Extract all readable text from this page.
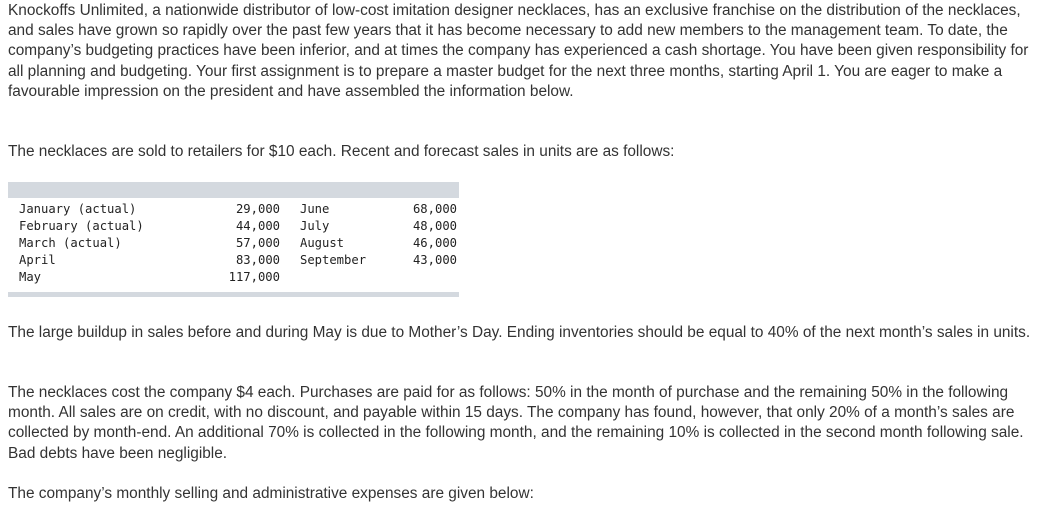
Knockoffs Unlimited, a nationwide distributor of low-cost imitation designer necklaces, has an exclusive franchise on the distribution of the necklaces, and sales have grown so rapidly over the past few years that it has become necessary to add new members to the management team. To date, the company’s budgeting practices have been inferior, and at times the company has experienced a cash shortage. You have been given responsibility for all planning and budgeting. Your first assignment is to prepare a master budget for the next three months, starting April 1. You are eager to make a favourable impression on the president and have assembled the information below.

The necklaces are sold to retailers for $10 each. Recent and forecast sales in units are as follows:

January (actual)	29,000	June	68,000
February (actual)	44,000	July	48,000
March (actual)	57,000	August	46,000
April	83,000	September	43,000
May	117,000		

The large buildup in sales before and during May is due to Mother’s Day. Ending inventories should be equal to 40% of the next month’s sales in units.

The necklaces cost the company $4 each. Purchases are paid for as follows: 50% in the month of purchase and the remaining 50% in the following month. All sales are on credit, with no discount, and payable within 15 days. The company has found, however, that only 20% of a month’s sales are collected by month-end. An additional 70% is collected in the following month, and the remaining 10% is collected in the second month following sale. Bad debts have been negligible.

The company’s monthly selling and administrative expenses are given below:
